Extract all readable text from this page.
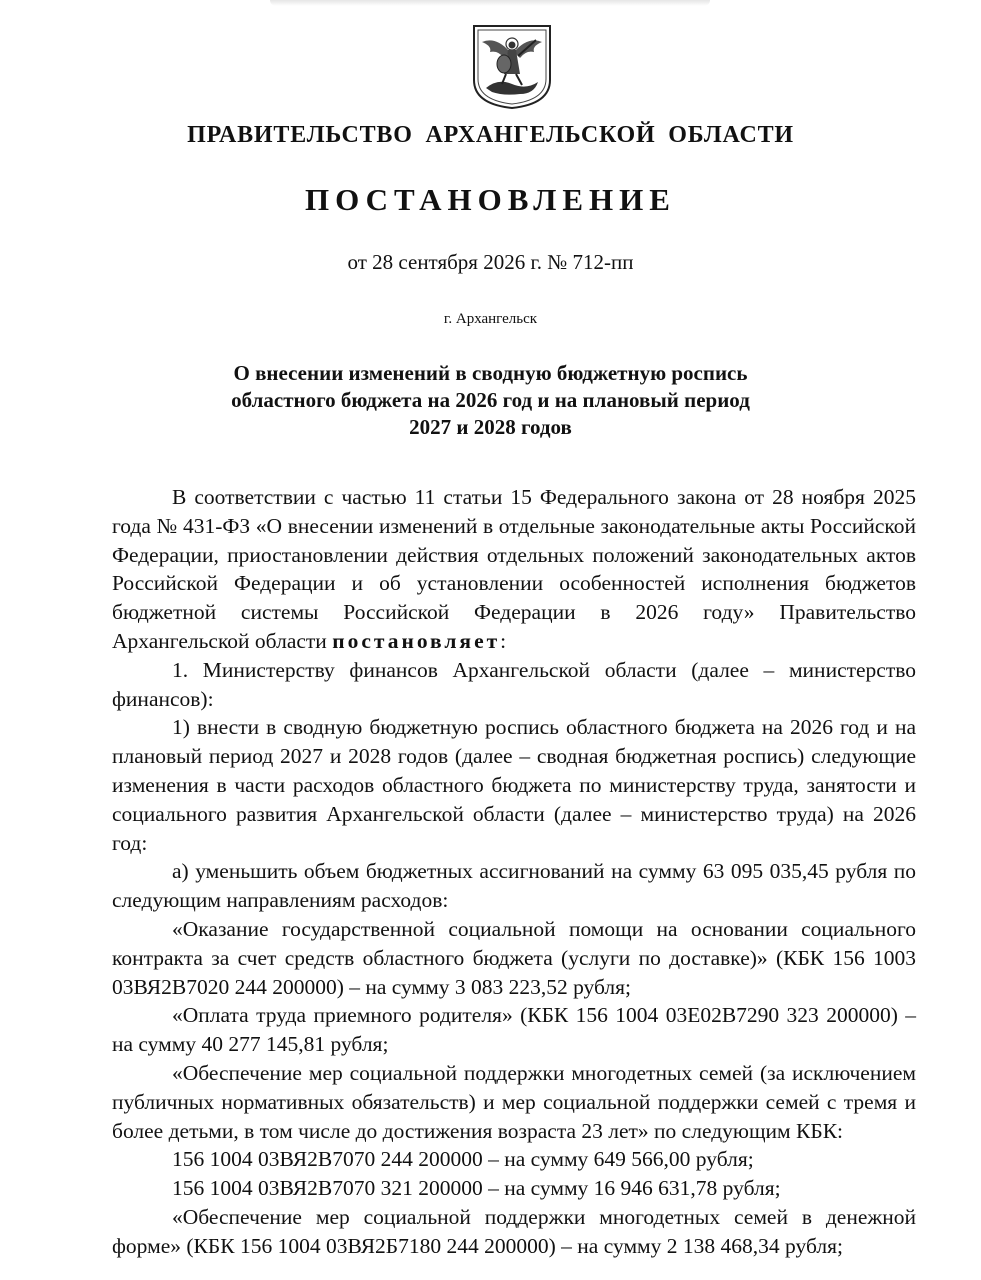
ПРАВИТЕЛЬСТВО АРХАНГЕЛЬСКОЙ ОБЛАСТИ
ПОСТАНОВЛЕНИЕ
от 28 сентября 2026 г. № 712-пп
г. Архангельск
О внесении изменений в сводную бюджетную роспись
областного бюджета на 2026 год и на плановый период
2027 и 2028 годов

В соответствии с частью 11 статьи 15 Федерального закона от 28 ноября 2025 года № 431-ФЗ «О внесении изменений в отдельные законодательные акты Российской Федерации, приостановлении действия отдельных положений законодательных актов Российской Федерации и об установлении особенностей исполнения бюджетов бюджетной системы Российской Федерации в 2026 году» Правительство Архангельской области постановляет:

1. Министерству финансов Архангельской области (далее – министерство финансов):

1) внести в сводную бюджетную роспись областного бюджета на 2026 год и на плановый период 2027 и 2028 годов (далее – сводная бюджетная роспись) следующие изменения в части расходов областного бюджета по министерству труда, занятости и социального развития Архангельской области (далее – министерство труда) на 2026 год:

а) уменьшить объем бюджетных ассигнований на сумму 63 095 035,45 рубля по следующим направлениям расходов:

«Оказание государственной социальной помощи на основании социального контракта за счет средств областного бюджета (услуги по доставке)» (КБК 156 1003 03ВЯ2В7020 244 200000) – на сумму 3 083 223,52 рубля;

«Оплата труда приемного родителя» (КБК 156 1004 03Е02В7290 323 200000) – на сумму 40 277 145,81 рубля;

«Обеспечение мер социальной поддержки многодетных семей (за исключением публичных нормативных обязательств) и мер социальной поддержки семей с тремя и более детьми, в том числе до достижения возраста 23 лет» по следующим КБК:

156 1004 03ВЯ2В7070 244 200000 – на сумму 649 566,00 рубля;

156 1004 03ВЯ2В7070 321 200000 – на сумму 16 946 631,78 рубля;

«Обеспечение мер социальной поддержки многодетных семей в денежной форме» (КБК 156 1004 03ВЯ2Б7180 244 200000) – на сумму 2 138 468,34 рубля;
